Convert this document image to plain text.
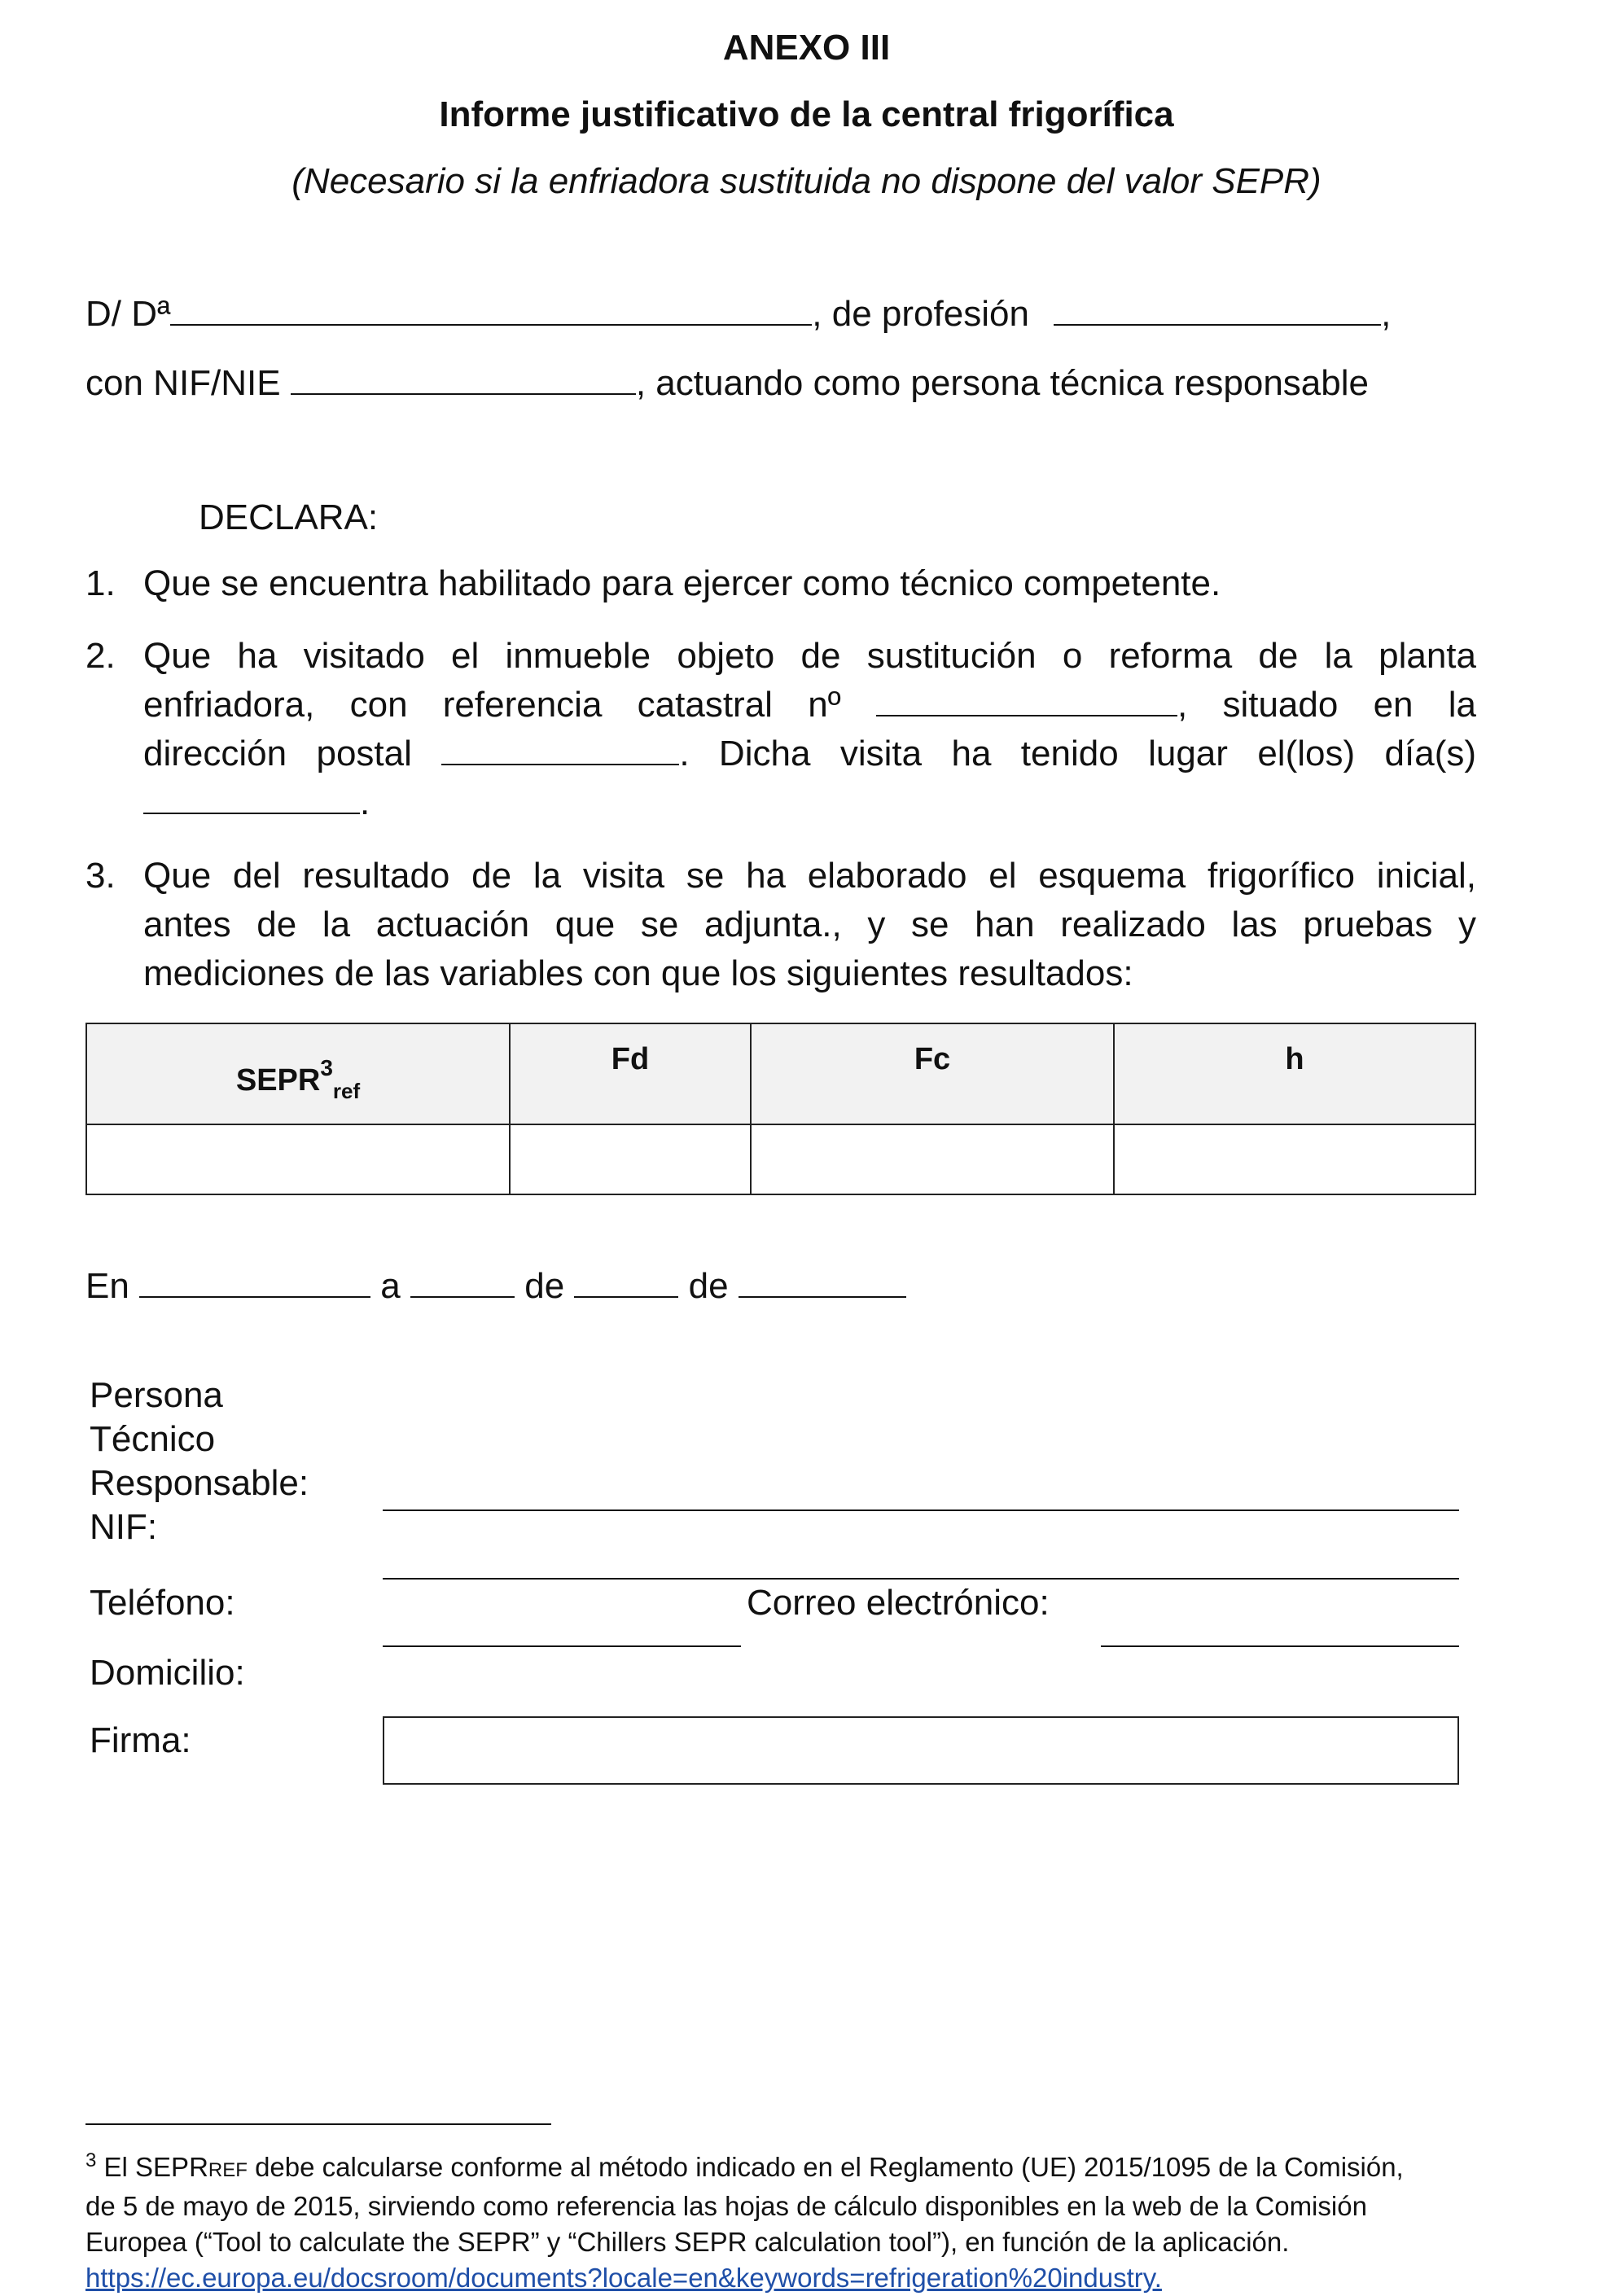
ANEXO III
Informe justificativo de la central frigorífica
(Necesario si la enfriadora sustituida no dispone del valor SEPR)
D/ Dª	, de profesión	,
con NIF/NIE	, actuando como persona técnica responsable
DECLARA:
1. Que se encuentra habilitado para ejercer como técnico competente.
2. Que ha visitado el inmueble objeto de sustitución o reforma de la planta
enfriadora, con referencia catastral nº	, situado en la
dirección postal	. Dicha visita ha tenido lugar el(los) día(s)
.
3. Que del resultado de la visita se ha elaborado el esquema frigorífico inicial,
antes de la actuación que se adjunta., y se han realizado las pruebas y
mediciones de las variables con que los siguientes resultados:
$SEPR^3_{ref}$	Fd	Fc	h

En	a	de	de
Persona
Técnico
Responsable:
NIF:
Teléfono:	Correo electrónico:
Domicilio:
Firma:
$^3$ El SEPRREF debe calcularse conforme al método indicado en el Reglamento (UE) 2015/1095 de la Comisión,
de 5 de mayo de 2015, sirviendo como referencia las hojas de cálculo disponibles en la web de la Comisión
Europea (“Tool to calculate the SEPR” y “Chillers SEPR calculation tool”), en función de la aplicación.
https://ec.europa.eu/docsroom/documents?locale=en&keywords=refrigeration%20industry.
